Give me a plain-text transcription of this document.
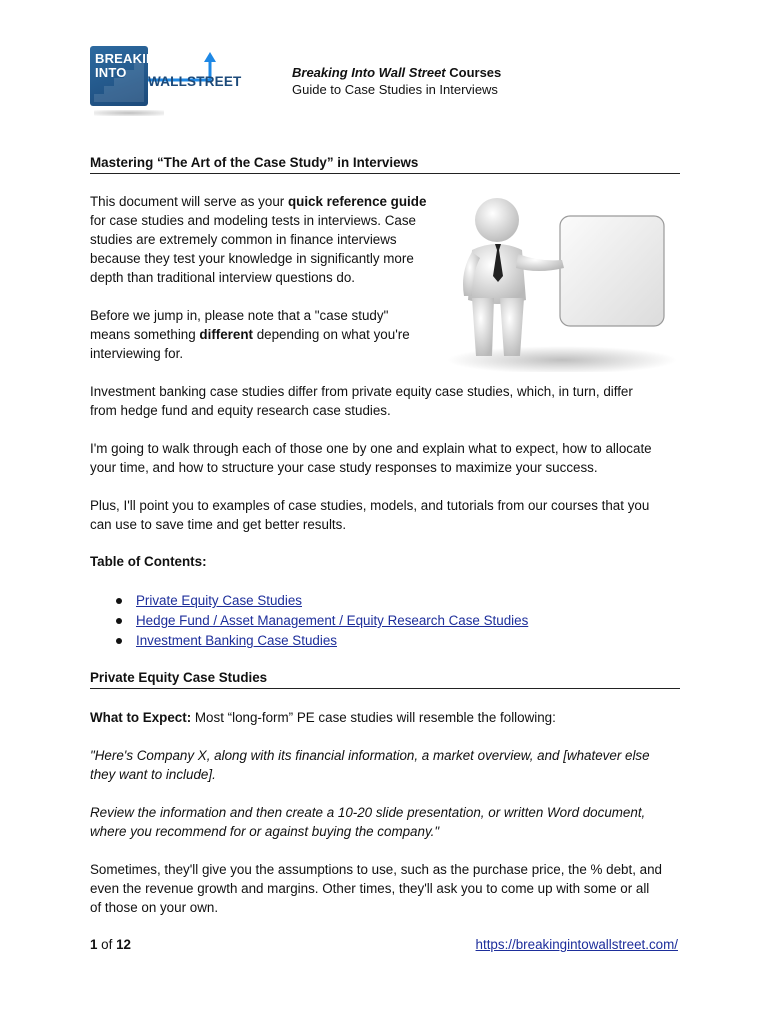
BREAKING
INTO
WALLSTREET
Breaking Into Wall Street Courses
Guide to Case Studies in Interviews
Mastering “The Art of the Case Study” in Interviews
This document will serve as your quick reference guide
for case studies and modeling tests in interviews. Case
studies are extremely common in finance interviews
because they test your knowledge in significantly more
depth than traditional interview questions do.
Before we jump in, please note that a "case study"
means something different depending on what you're
interviewing for.
Investment banking case studies differ from private equity case studies, which, in turn, differ
from hedge fund and equity research case studies.
I'm going to walk through each of those one by one and explain what to expect, how to allocate
your time, and how to structure your case study responses to maximize your success.
Plus, I'll point you to examples of case studies, models, and tutorials from our courses that you
can use to save time and get better results.
Table of Contents:
Private Equity Case Studies
Hedge Fund / Asset Management / Equity Research Case Studies
Investment Banking Case Studies
Private Equity Case Studies
What to Expect: Most “long-form” PE case studies will resemble the following:
"Here's Company X, along with its financial information, a market overview, and [whatever else
they want to include].
Review the information and then create a 10-20 slide presentation, or written Word document,
where you recommend for or against buying the company."
Sometimes, they'll give you the assumptions to use, such as the purchase price, the % debt, and
even the revenue growth and margins. Other times, they'll ask you to come up with some or all
of those on your own.
1 of 12	https://breakingintowallstreet.com/
